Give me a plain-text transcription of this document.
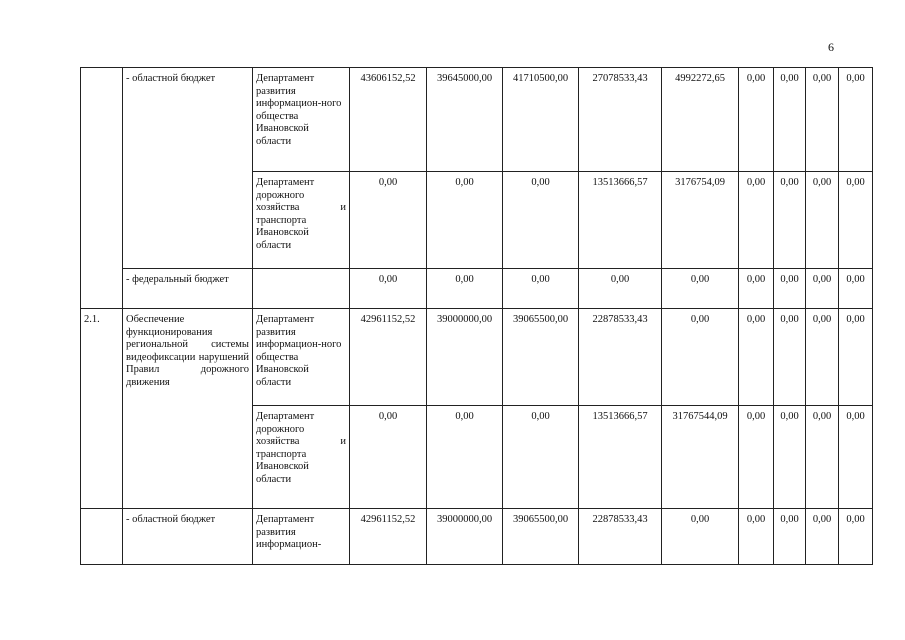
6
	- областной бюджет	Департамент развития информацион-ного общества Ивановской области	43606152,52	39645000,00	41710500,00	27078533,43	4992272,65	0,00	0,00	0,00	0,00
		Департамент дорожного хозяйства и транспорта Ивановской области	0,00	0,00	0,00	13513666,57	3176754,09	0,00	0,00	0,00	0,00
	- федеральный бюджет		0,00	0,00	0,00	0,00	0,00	0,00	0,00	0,00	0,00
2.1.	Обеспечение функционирования региональной системы видеофиксации нарушений Правил дорожного движения	Департамент развития информацион-ного общества Ивановской области	42961152,52	39000000,00	39065500,00	22878533,43	0,00	0,00	0,00	0,00	0,00
		Департамент дорожного хозяйства и транспорта Ивановской области	0,00	0,00	0,00	13513666,57	31767544,09	0,00	0,00	0,00	0,00
	- областной бюджет	Департамент развития информацион-	42961152,52	39000000,00	39065500,00	22878533,43	0,00	0,00	0,00	0,00	0,00
